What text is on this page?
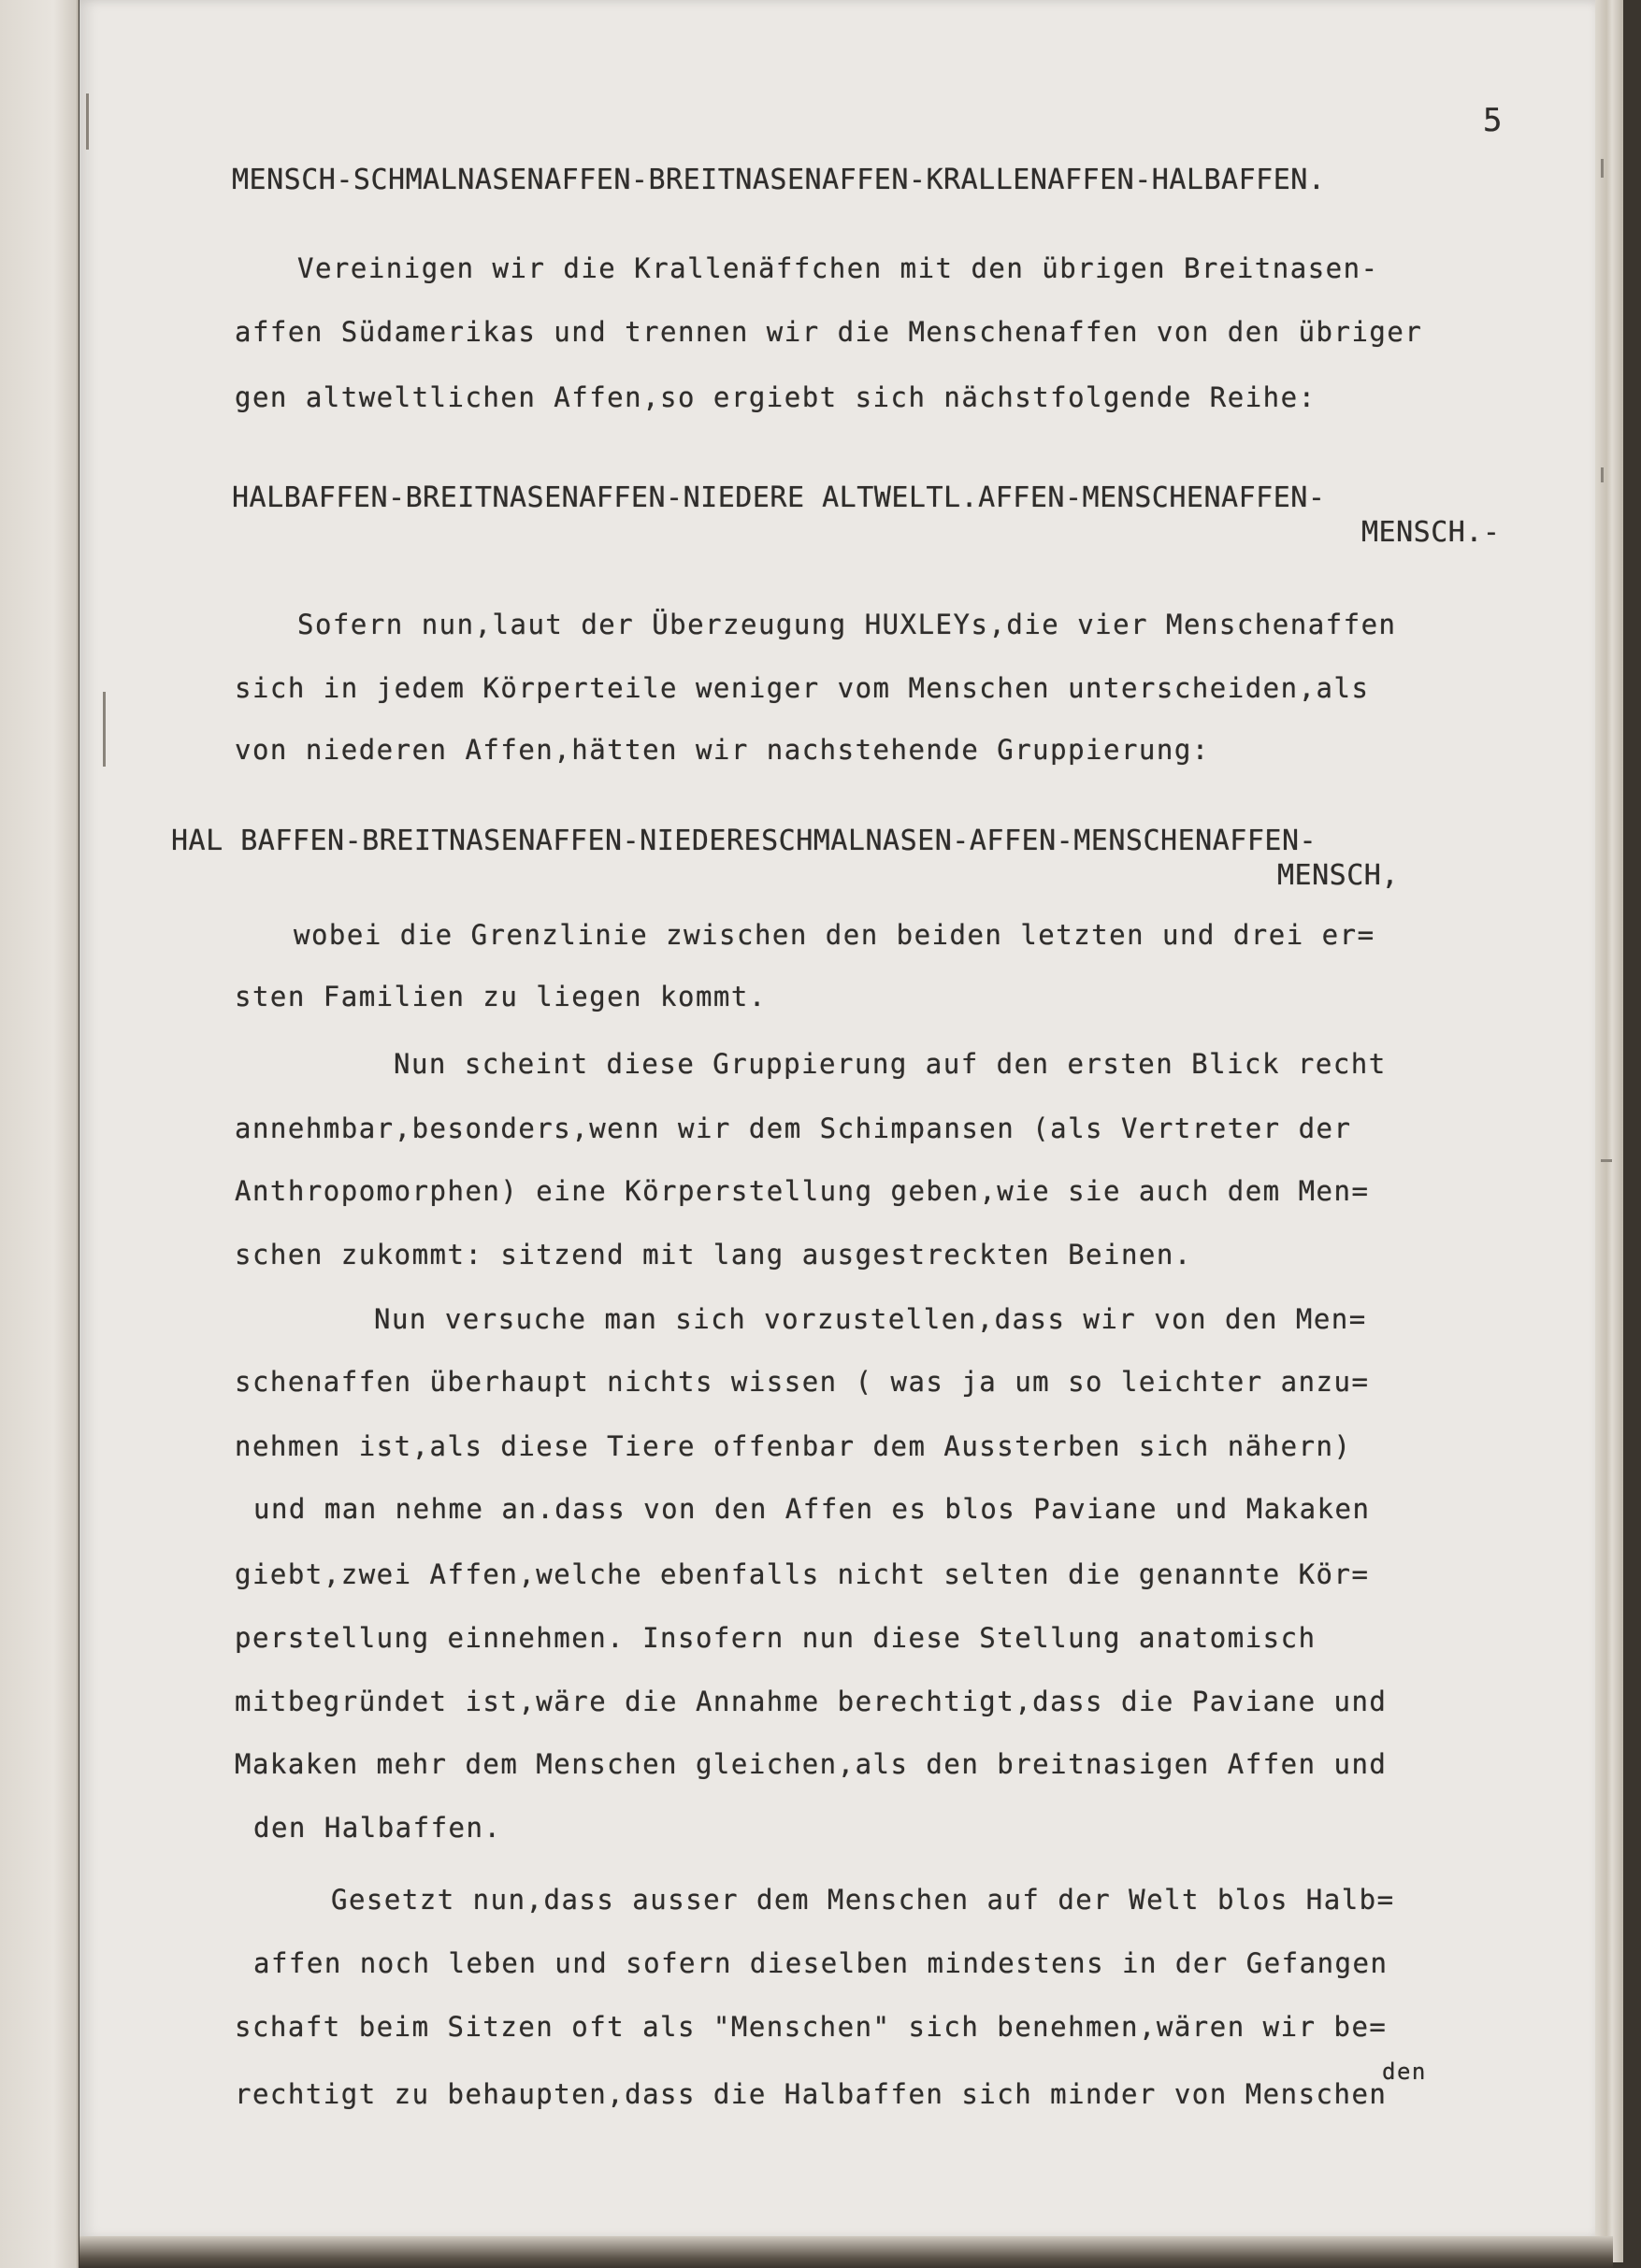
5
MENSCH-SCHMALNASENAFFEN-BREITNASENAFFEN-KRALLENAFFEN-HALBAFFEN.
Vereinigen wir die Krallenäffchen mit den übrigen Breitnasen-
affen Südamerikas und trennen wir die Menschenaffen von den übriger
gen altweltlichen Affen,so ergiebt sich nächstfolgende Reihe:
HALBAFFEN-BREITNASENAFFEN-NIEDERE ALTWELTL.AFFEN-MENSCHENAFFEN-
MENSCH.-
Sofern nun,laut der Überzeugung HUXLEYs,die vier Menschenaffen
sich in jedem Körperteile weniger vom Menschen unterscheiden,als
von niederen Affen,hätten wir nachstehende Gruppierung:
HAL BAFFEN-BREITNASENAFFEN-NIEDERESCHMALNASEN-AFFEN-MENSCHENAFFEN-
MENSCH,
wobei die Grenzlinie zwischen den beiden letzten und drei er=
sten Familien zu liegen kommt.
Nun scheint diese Gruppierung auf den ersten Blick recht
annehmbar,besonders,wenn wir dem Schimpansen (als Vertreter der
Anthropomorphen) eine Körperstellung geben,wie sie auch dem Men=
schen zukommt: sitzend mit lang ausgestreckten Beinen.
Nun versuche man sich vorzustellen,dass wir von den Men=
schenaffen überhaupt nichts wissen ( was ja um so leichter anzu=
nehmen ist,als diese Tiere offenbar dem Aussterben sich nähern)
und man nehme an.dass von den Affen es blos Paviane und Makaken
giebt,zwei Affen,welche ebenfalls nicht selten die genannte Kör=
perstellung einnehmen. Insofern nun diese Stellung anatomisch
mitbegründet ist,wäre die Annahme berechtigt,dass die Paviane und
Makaken mehr dem Menschen gleichen,als den breitnasigen Affen und
den Halbaffen.
Gesetzt nun,dass ausser dem Menschen auf der Welt blos Halb=
affen noch leben und sofern dieselben mindestens in der Gefangen
schaft beim Sitzen oft als "Menschen" sich benehmen,wären wir be=
rechtigt zu behaupten,dass die Halbaffen sich minder von Menschen
den
